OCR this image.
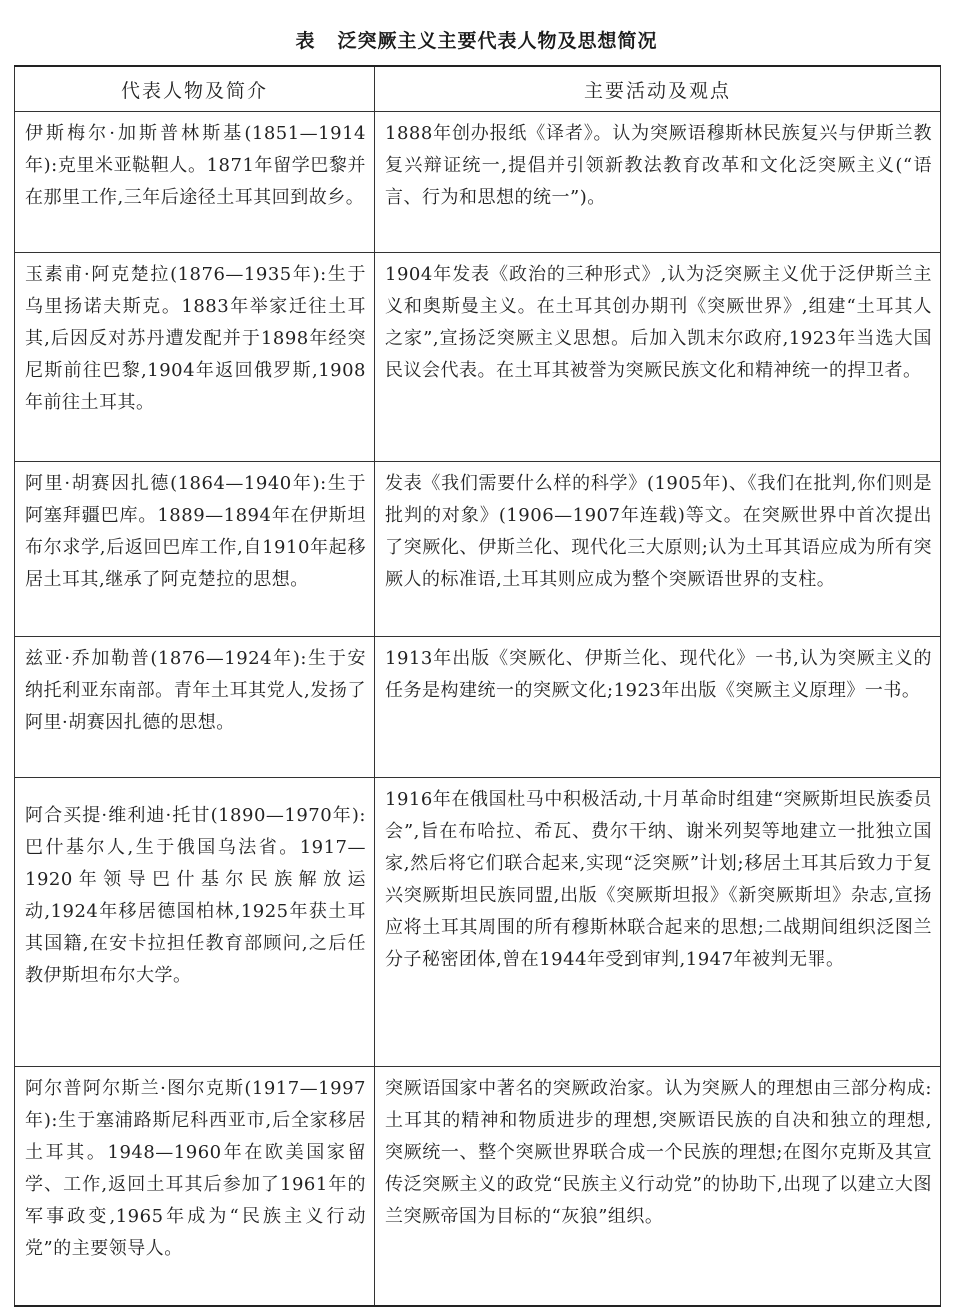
表 泛突厥主义主要代表人物及思想简况
代表人物及简介	主要活动及观点
伊斯梅尔·加斯普林斯基(1851—1914年):克里米亚鞑靼人。1871年留学巴黎并在那里工作,三年后途径土耳其回到故乡。	1888年创办报纸《译者》。认为突厥语穆斯林民族复兴与伊斯兰教复兴辩证统一,提倡并引领新教法教育改革和文化泛突厥主义(“语言、行为和思想的统一”)。
玉素甫·阿克楚拉(1876—1935年):生于乌里扬诺夫斯克。1883年举家迁往土耳其,后因反对苏丹遭发配并于1898年经突尼斯前往巴黎,1904年返回俄罗斯,1908年前往土耳其。	1904年发表《政治的三种形式》,认为泛突厥主义优于泛伊斯兰主义和奥斯曼主义。在土耳其创办期刊《突厥世界》,组建“土耳其人之家”,宣扬泛突厥主义思想。后加入凯末尔政府,1923年当选大国民议会代表。在土耳其被誉为突厥民族文化和精神统一的捍卫者。
阿里·胡赛因扎德(1864—1940年):生于阿塞拜疆巴库。1889—1894年在伊斯坦布尔求学,后返回巴库工作,自1910年起移居土耳其,继承了阿克楚拉的思想。	发表《我们需要什么样的科学》(1905年)、《我们在批判,你们则是批判的对象》(1906—1907年连载)等文。在突厥世界中首次提出了突厥化、伊斯兰化、现代化三大原则;认为土耳其语应成为所有突厥人的标准语,土耳其则应成为整个突厥语世界的支柱。
兹亚·乔加勒普(1876—1924年):生于安纳托利亚东南部。青年土耳其党人,发扬了阿里·胡赛因扎德的思想。	1913年出版《突厥化、伊斯兰化、现代化》一书,认为突厥主义的任务是构建统一的突厥文化;1923年出版《突厥主义原理》一书。
阿合买提·维利迪·托甘(1890—1970年):巴什基尔人,生于俄国乌法省。1917—1920年领导巴什基尔民族解放运动,1924年移居德国柏林,1925年获土耳其国籍,在安卡拉担任教育部顾问,之后任教伊斯坦布尔大学。	1916年在俄国杜马中积极活动,十月革命时组建“突厥斯坦民族委员会”,旨在布哈拉、希瓦、费尔干纳、谢米列契等地建立一批独立国家,然后将它们联合起来,实现“泛突厥”计划;移居土耳其后致力于复兴突厥斯坦民族同盟,出版《突厥斯坦报》《新突厥斯坦》杂志,宣扬应将土耳其周围的所有穆斯林联合起来的思想;二战期间组织泛图兰分子秘密团体,曾在1944年受到审判,1947年被判无罪。
阿尔普阿尔斯兰·图尔克斯(1917—1997年):生于塞浦路斯尼科西亚市,后全家移居土耳其。1948—1960年在欧美国家留学、工作,返回土耳其后参加了1961年的军事政变,1965年成为“民族主义行动党”的主要领导人。	突厥语国家中著名的突厥政治家。认为突厥人的理想由三部分构成:土耳其的精神和物质进步的理想,突厥语民族的自决和独立的理想,突厥统一、整个突厥世界联合成一个民族的理想;在图尔克斯及其宣传泛突厥主义的政党“民族主义行动党”的协助下,出现了以建立大图兰突厥帝国为目标的“灰狼”组织。
